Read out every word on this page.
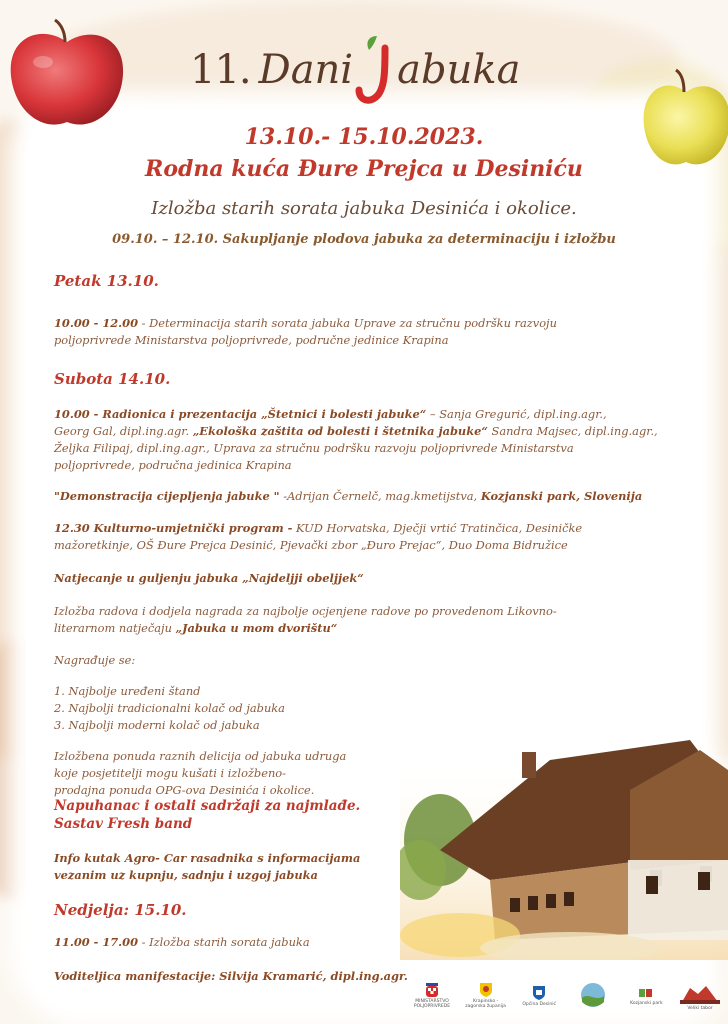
11. Dani abuka
13.10.- 15.10.2023.
Rodna kuća Đure Prejca u Desiniću
Izložba starih sorata jabuka Desinića i okolice.
09.10. – 12.10. Sakupljanje plodova jabuka za determinaciju i izložbu
Petak 13.10.
10.00 - 12.00 - Determinacija starih sorata jabuka Uprave za stručnu podršku razvoju
poljoprivrede Ministarstva poljoprivrede, područne jedinice Krapina
Subota 14.10.
10.00 - Radionica i prezentacija „Štetnici i bolesti jabuke“ – Sanja Gregurić, dipl.ing.agr.,
Georg Gal, dipl.ing.agr. „Ekološka zaštita od bolesti i štetnika jabuke“ Sandra Majsec, dipl.ing.agr.,
Željka Filipaj, dipl.ing.agr., Uprava za stručnu podršku razvoju poljoprivrede Ministarstva
poljoprivrede, područna jedinica Krapina
"Demonstracija cijepljenja jabuke " -Adrijan Černelč, mag.kmetijstva, Kozjanski park, Slovenija
12.30 Kulturno-umjetnički program - KUD Horvatska, Dječji vrtić Tratinčica, Desiničke
mažoretkinje, OŠ Đure Prejca Desinić, Pjevački zbor „Đuro Prejac“, Duo Doma Bidružice
Natjecanje u guljenju jabuka „Najdeljji obeljjek“
Izložba radova i dodjela nagrada za najbolje ocjenjene radove po provedenom Likovno-
literarnom natječaju „Jabuka u mom dvorištu“
Nagrađuje se:
1. Najbolje uređeni štand
2. Najbolji tradicionalni kolač od jabuka
3. Najbolji moderni kolač od jabuka
Izložbena ponuda raznih delicija od jabuka udruga
koje posjetitelji mogu kušati i izložbeno-
prodajna ponuda OPG-ova Desinića i okolice.
Napuhanac i ostali sadržaji za najmlađe.
Sastav Fresh band
Info kutak Agro- Car rasadnika s informacijama
vezanim uz kupnju, sadnju i uzgoj jabuka
Nedjelja: 15.10.
11.00 - 17.00 - Izložba starih sorata jabuka
Voditeljica manifestacije: Silvija Kramarić, dipl.ing.agr.
MINISTARSTVO POLJOPRIVREDE
Krapinsko - zagorska županija	Općina Desinić	Kozjanski park
Veliki tabor
